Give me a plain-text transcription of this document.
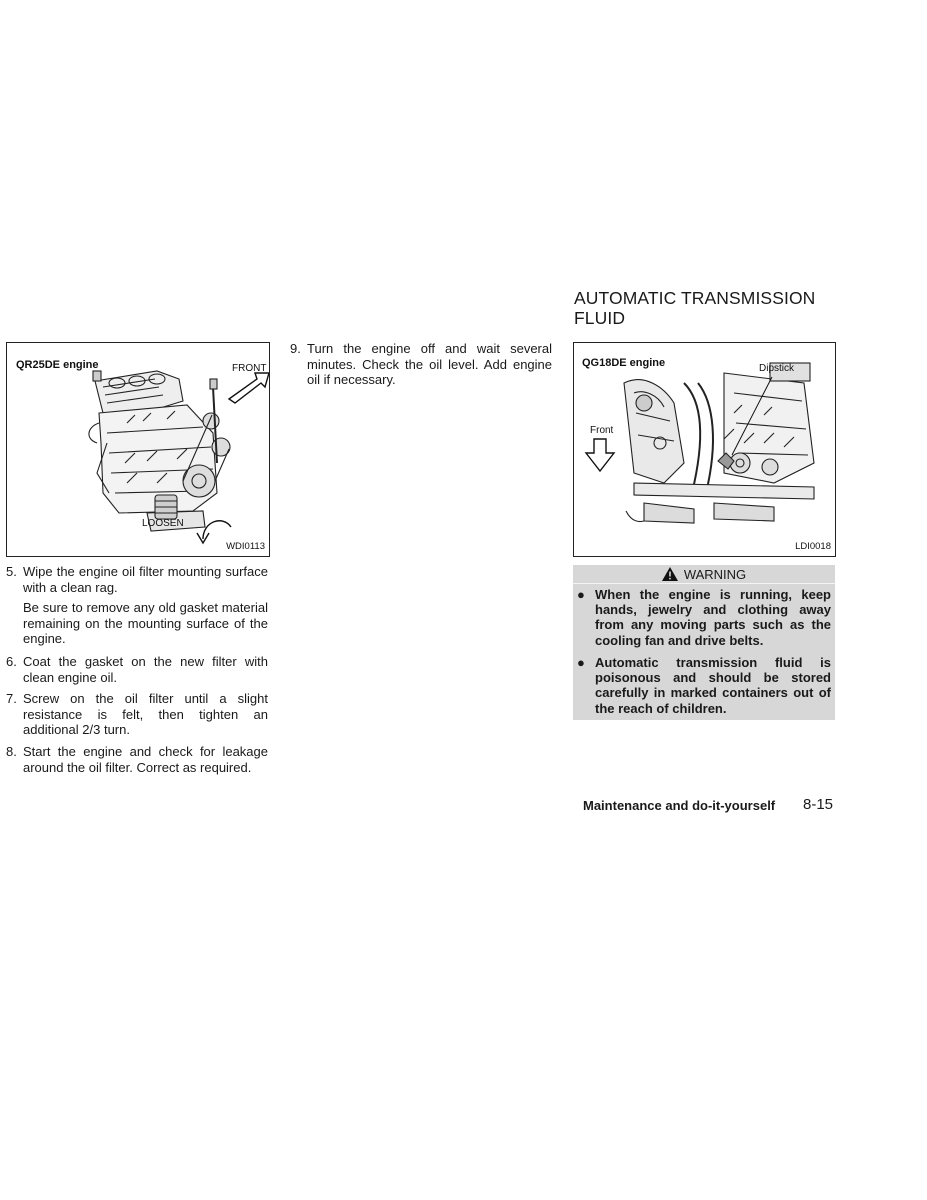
QR25DE engine	FRONT
LOOSEN
WDI0113
5. Wipe the engine oil filter mounting surface with a clean rag.
Be sure to remove any old gasket material remaining on the mounting surface of the engine.
6. Coat the gasket on the new filter with clean engine oil.
7. Screw on the oil filter until a slight resistance is felt, then tighten an additional 2/3 turn.
8. Start the engine and check for leakage around the oil filter. Correct as required.
9. Turn the engine off and wait several minutes. Check the oil level. Add engine oil if necessary.
AUTOMATIC TRANSMISSION FLUID
QG18DE engine	Dipstick
Front
LDI0018
WARNING
● When the engine is running, keep hands, jewelry and clothing away from any moving parts such as the cooling fan and drive belts.
● Automatic transmission fluid is poisonous and should be stored carefully in marked containers out of the reach of children.
Maintenance and do-it-yourself 8-15
